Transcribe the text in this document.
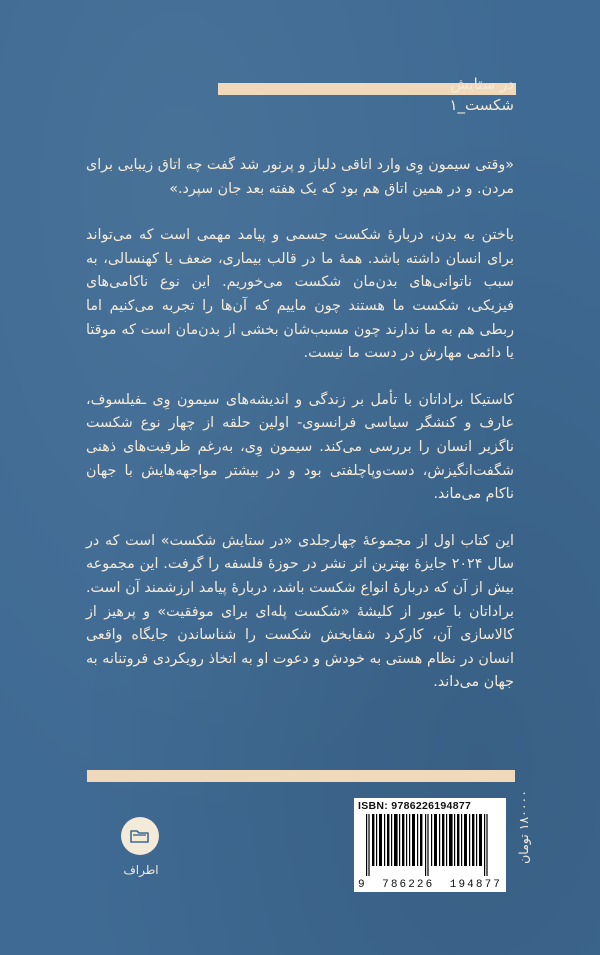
در ستایش
شکست_۱

«وقتی سیمون وِی وارد اتاقی دلباز و پرنور شد گفت چه اتاق زیبایی برای مردن. و در همین اتاق هم بود که یک هفته بعد جان سپرد.»

باختن به بدن، دربارهٔ شکست جسمی و پیامد مهمی است که می‌تواند برای انسان داشته باشد. همهٔ ما در قالب بیماری، ضعف یا کهنسالی، به سبب ناتوانی‌های بدن‌مان شکست می‌خوریم. این نوع ناکامی‌های فیزیکی، شکست ما هستند چون ماییم که آن‌ها را تجربه می‌کنیم اما ربطی هم به ما ندارند چون مسبب‌شان بخشی از بدن‌مان است که موقتا یا دائمی مهارش در دست ما نیست.

کاستیکا براداتان با تأمل بر زندگی و اندیشه‌های سیمون وِی ـفیلسوف، عارف و کنشگر سیاسی فرانسوی- اولین حلقه از چهار نوع شکست ناگزیر انسان را بررسی می‌کند. سیمون وِی، به‌رغم ظرفیت‌های ذهنی شگفت‌انگیزش، دست‌وپاچلفتی بود و در بیشتر مواجهه‌هایش با جهان ناکام می‌ماند.

این کتاب اول از مجموعهٔ چهارجلدی «در ستایش شکست» است که در سال ۲۰۲۴ جایزهٔ بهترین اثر نشر در حوزهٔ فلسفه را گرفت. این مجموعه بیش از آن که دربارهٔ انواع شکست باشد، دربارهٔ پیامد ارزشمند آن است. براداتان با عبور از کلیشهٔ «شکست پله‌ای برای موفقیت» و پرهیز از کالاسازی آن، کارکرد شفابخش شکست را شناساندن جایگاه واقعی انسان در نظام هستی به خودش و دعوت او به اتخاذ رویکردی فروتنانه به جهان می‌داند.

اطراف
ISBN: 9786226194877
9 786226 194877
۱۸۰۰۰۰ تومان
